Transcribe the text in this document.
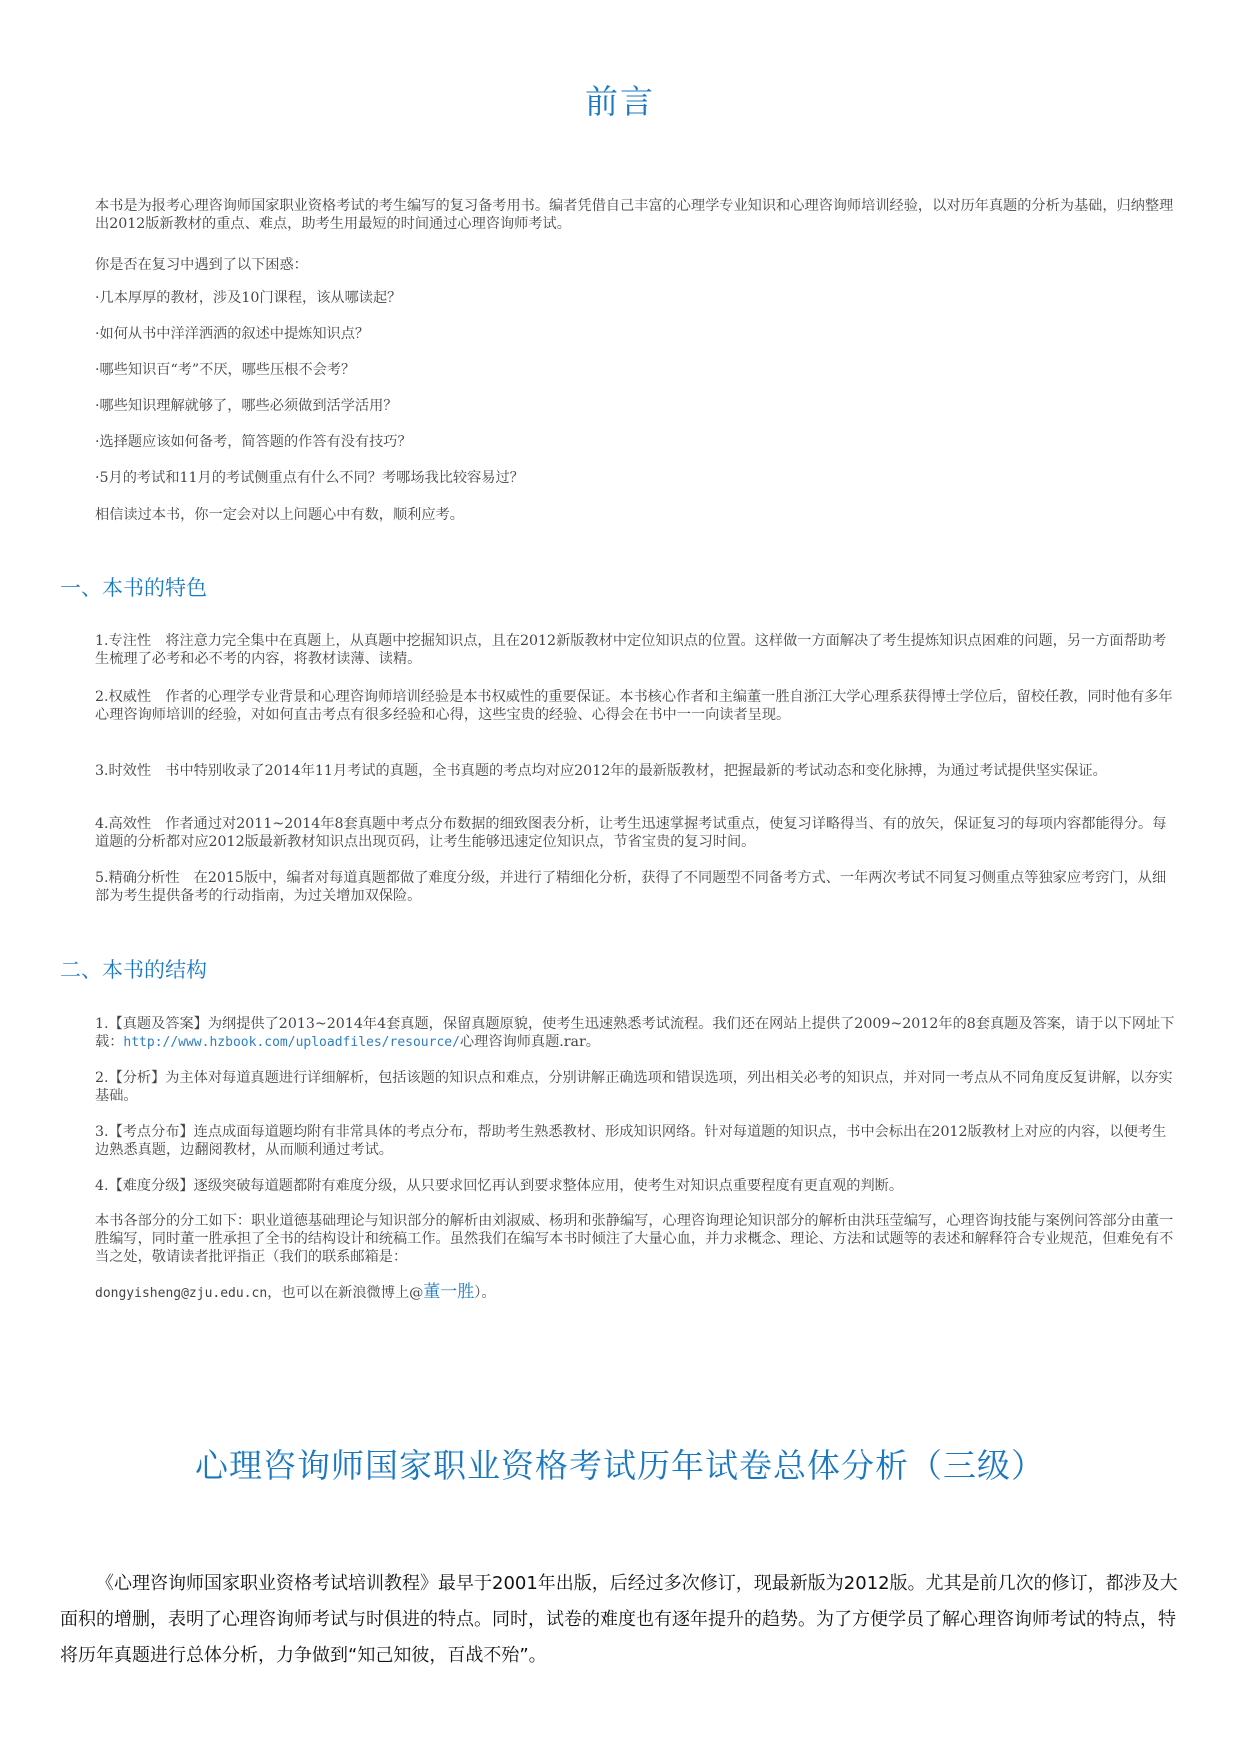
前言

本书是为报考心理咨询师国家职业资格考试的考生编写的复习备考用书。编者凭借自己丰富的心理学专业知识和心理咨询师培训经验，以对历年真题的分析为基础，归纳整理出2012版新教材的重点、难点，助考生用最短的时间通过心理咨询师考试。

你是否在复习中遇到了以下困惑：

·几本厚厚的教材，涉及10门课程，该从哪读起？

·如何从书中洋洋洒洒的叙述中提炼知识点？

·哪些知识百“考”不厌，哪些压根不会考？

·哪些知识理解就够了，哪些必须做到活学活用？

·选择题应该如何备考，简答题的作答有没有技巧？

·5月的考试和11月的考试侧重点有什么不同？考哪场我比较容易过？

相信读过本书，你一定会对以上问题心中有数，顺利应考。

一、本书的特色

1.专注性　将注意力完全集中在真题上，从真题中挖掘知识点，且在2012新版教材中定位知识点的位置。这样做一方面解决了考生提炼知识点困难的问题，另一方面帮助考生梳理了必考和必不考的内容，将教材读薄、读精。

2.权威性　作者的心理学专业背景和心理咨询师培训经验是本书权威性的重要保证。本书核心作者和主编董一胜自浙江大学心理系获得博士学位后，留校任教，同时他有多年心理咨询师培训的经验，对如何直击考点有很多经验和心得，这些宝贵的经验、心得会在书中一一向读者呈现。

3.时效性　书中特别收录了2014年11月考试的真题，全书真题的考点均对应2012年的最新版教材，把握最新的考试动态和变化脉搏，为通过考试提供坚实保证。

4.高效性　作者通过对2011~2014年8套真题中考点分布数据的细致图表分析，让考生迅速掌握考试重点，使复习详略得当、有的放矢，保证复习的每项内容都能得分。每道题的分析都对应2012版最新教材知识点出现页码，让考生能够迅速定位知识点，节省宝贵的复习时间。

5.精确分析性　在2015版中，编者对每道真题都做了难度分级，并进行了精细化分析，获得了不同题型不同备考方式、一年两次考试不同复习侧重点等独家应考窍门，从细部为考生提供备考的行动指南，为过关增加双保险。

二、本书的结构

1.【真题及答案】为纲提供了2013~2014年4套真题，保留真题原貌，使考生迅速熟悉考试流程。我们还在网站上提供了2009~2012年的8套真题及答案，请于以下网址下载：http://www.hzbook.com/uploadfiles/resource/心理咨询师真题.rar。

2.【分析】为主体对每道真题进行详细解析，包括该题的知识点和难点，分别讲解正确选项和错误选项，列出相关必考的知识点，并对同一考点从不同角度反复讲解，以夯实基础。

3.【考点分布】连点成面每道题均附有非常具体的考点分布，帮助考生熟悉教材、形成知识网络。针对每道题的知识点，书中会标出在2012版教材上对应的内容，以便考生边熟悉真题，边翻阅教材，从而顺利通过考试。

4.【难度分级】逐级突破每道题都附有难度分级，从只要求回忆再认到要求整体应用，使考生对知识点重要程度有更直观的判断。

本书各部分的分工如下：职业道德基础理论与知识部分的解析由刘淑威、杨玥和张静编写，心理咨询理论知识部分的解析由洪珏莹编写，心理咨询技能与案例问答部分由董一胜编写，同时董一胜承担了全书的结构设计和统稿工作。虽然我们在编写本书时倾注了大量心血，并力求概念、理论、方法和试题等的表述和解释符合专业规范，但难免有不当之处，敬请读者批评指正（我们的联系邮箱是：

dongyisheng@zju.edu.cn，也可以在新浪微博上@董一胜）。

心理咨询师国家职业资格考试历年试卷总体分析（三级）

《心理咨询师国家职业资格考试培训教程》最早于2001年出版，后经过多次修订，现最新版为2012版。尤其是前几次的修订，都涉及大面积的增删，表明了心理咨询师考试与时俱进的特点。同时，试卷的难度也有逐年提升的趋势。为了方便学员了解心理咨询师考试的特点，特将历年真题进行总体分析，力争做到“知己知彼，百战不殆”。
